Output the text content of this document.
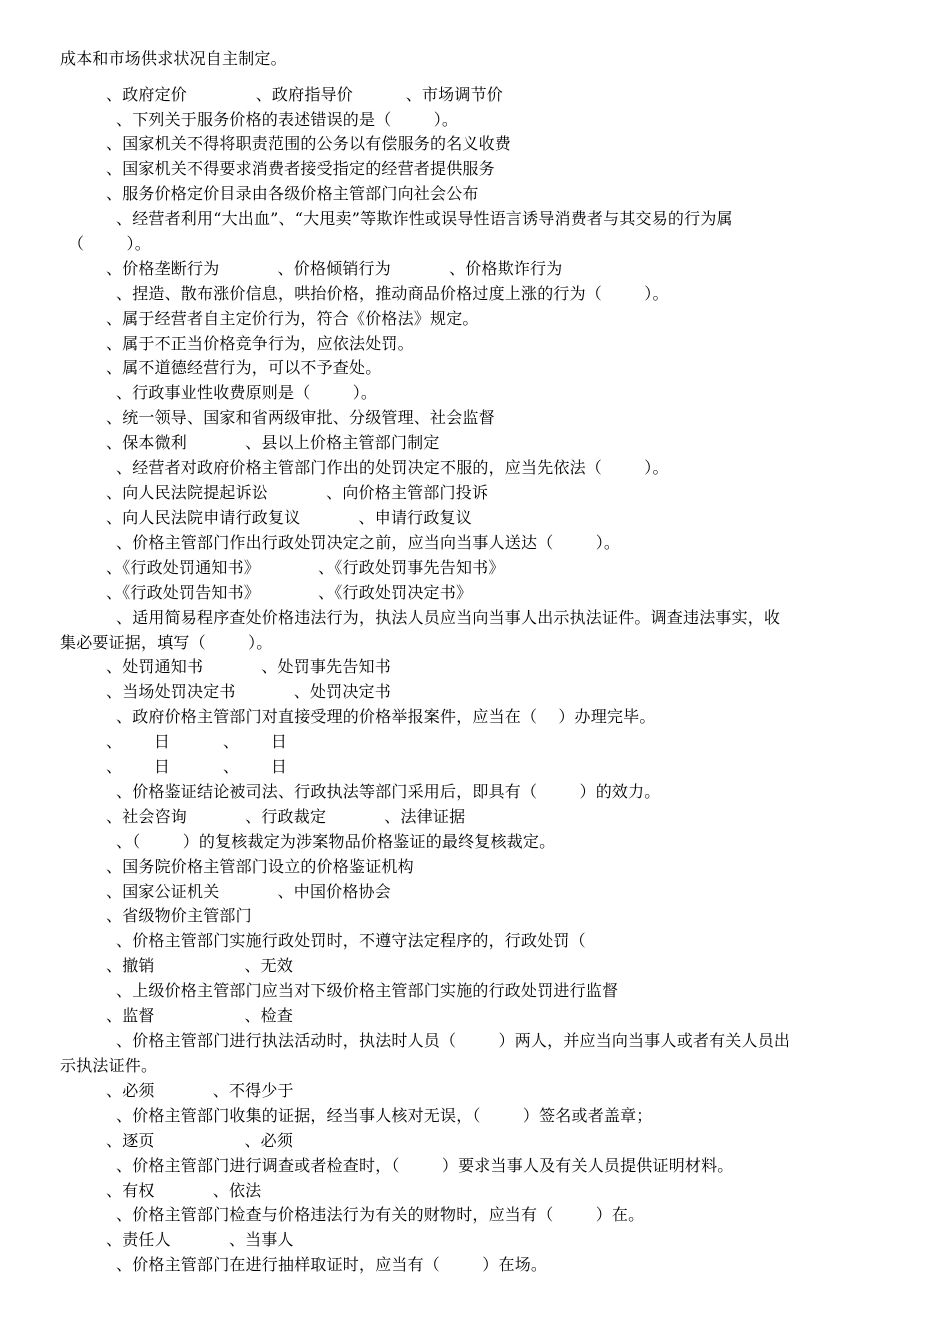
成本和市场供求状况自主制定。
、政府定价             、政府指导价          、市场调节价
、下列关于服务价格的表述错误的是（        ）。
、国家机关不得将职责范围的公务以有偿服务的名义收费
、国家机关不得要求消费者接受指定的经营者提供服务
、服务价格定价目录由各级价格主管部门向社会公布
、经营者利用“大出血”、“大甩卖”等欺诈性或误导性语言诱导消费者与其交易的行为属
（        ）。
、价格垄断行为           、价格倾销行为           、价格欺诈行为
、捏造、散布涨价信息，哄抬价格，推动商品价格过度上涨的行为（        ）。
、属于经营者自主定价行为，符合《价格法》规定。
、属于不正当价格竞争行为，应依法处罚。
、属不道德经营行为，可以不予查处。
、行政事业性收费原则是（        ）。
、统一领导、国家和省两级审批、分级管理、社会监督
、保本微利           、县以上价格主管部门制定
、经营者对政府价格主管部门作出的处罚决定不服的，应当先依法（        ）。
、向人民法院提起诉讼           、向价格主管部门投诉
、向人民法院申请行政复议           、申请行政复议
、价格主管部门作出行政处罚决定之前，应当向当事人送达（        ）。
、《行政处罚通知书》           、《行政处罚事先告知书》
、《行政处罚告知书》           、《行政处罚决定书》
、适用简易程序查处价格违法行为，执法人员应当向当事人出示执法证件。调查违法事实，收
集必要证据，填写（        ）。
、处罚通知书           、处罚事先告知书
、当场处罚决定书           、处罚决定书
、政府价格主管部门对直接受理的价格举报案件，应当在（    ）办理完毕。
、      日          、      日
、      日          、      日
、价格鉴证结论被司法、行政执法等部门采用后，即具有（        ）的效力。
、社会咨询           、行政裁定           、法律证据
、（        ）的复核裁定为涉案物品价格鉴证的最终复核裁定。
、国务院价格主管部门设立的价格鉴证机构
、国家公证机关           、中国价格协会
、省级物价主管部门
、价格主管部门实施行政处罚时，不遵守法定程序的，行政处罚（
、撤销                 、无效
、上级价格主管部门应当对下级价格主管部门实施的行政处罚进行监督
、监督                 、检查
、价格主管部门进行执法活动时，执法时人员（        ）两人，并应当向当事人或者有关人员出
示执法证件。
、必须           、不得少于
、价格主管部门收集的证据，经当事人核对无误，（        ）签名或者盖章；
、逐页                 、必须
、价格主管部门进行调查或者检查时，（        ）要求当事人及有关人员提供证明材料。
、有权           、依法
、价格主管部门检查与价格违法行为有关的财物时，应当有（        ）在。
、责任人           、当事人
、价格主管部门在进行抽样取证时，应当有（        ）在场。
